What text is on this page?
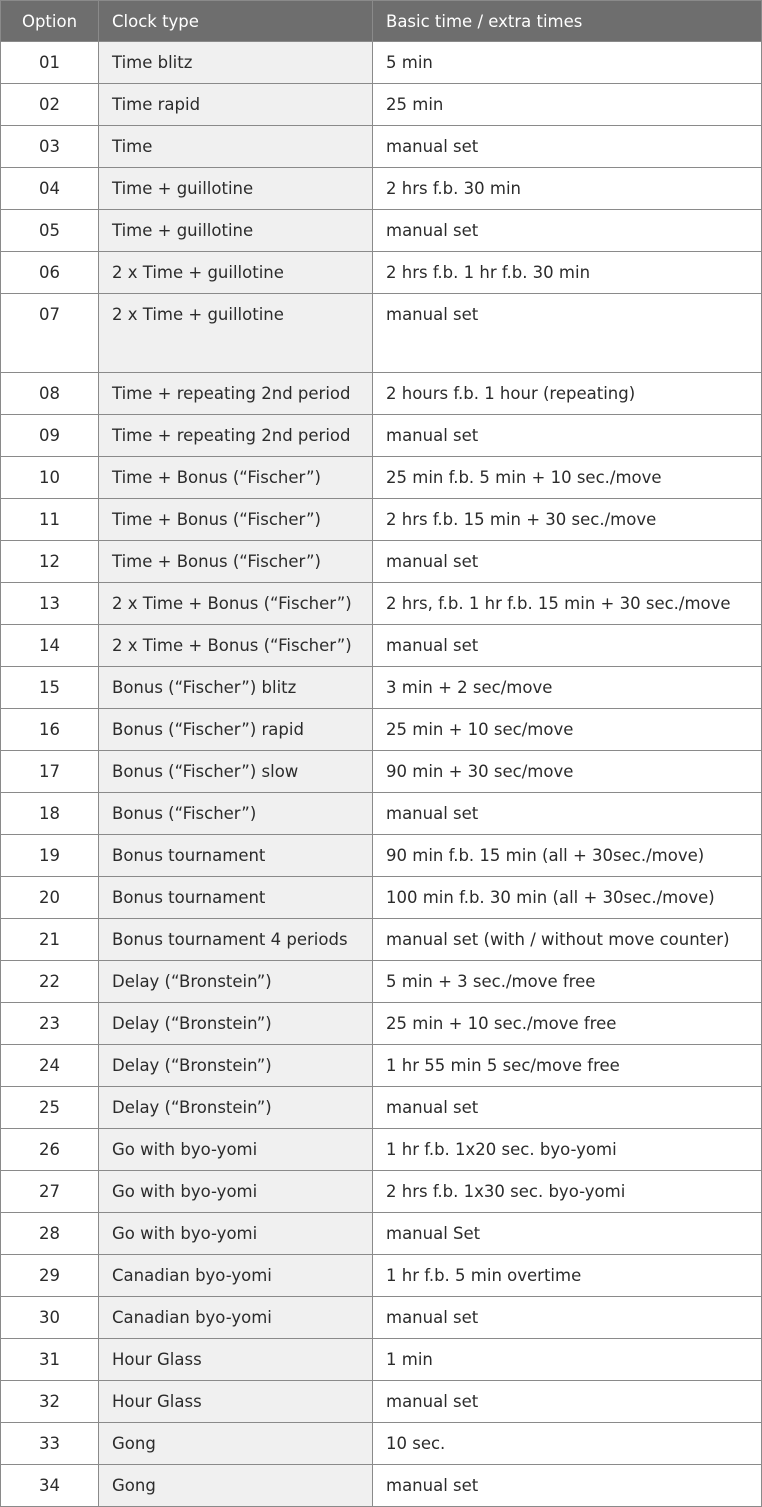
Option	Clock type	Basic time / extra times
01	Time blitz	5 min
02	Time rapid	25 min
03	Time	manual set
04	Time + guillotine	2 hrs f.b. 30 min
05	Time + guillotine	manual set
06	2 x Time + guillotine	2 hrs f.b. 1 hr f.b. 30 min
07	2 x Time + guillotine	manual set
08	Time + repeating 2nd period	2 hours f.b. 1 hour (repeating)
09	Time + repeating 2nd period	manual set
10	Time + Bonus (“Fischer”)	25 min f.b. 5 min + 10 sec./move
11	Time + Bonus (“Fischer”)	2 hrs f.b. 15 min + 30 sec./move
12	Time + Bonus (“Fischer”)	manual set
13	2 x Time + Bonus (“Fischer”)	2 hrs, f.b. 1 hr f.b. 15 min + 30 sec./move
14	2 x Time + Bonus (“Fischer”)	manual set
15	Bonus (“Fischer”) blitz	3 min + 2 sec/move
16	Bonus (“Fischer”) rapid	25 min + 10 sec/move
17	Bonus (“Fischer”) slow	90 min + 30 sec/move
18	Bonus (“Fischer”)	manual set
19	Bonus tournament	90 min f.b. 15 min (all + 30sec./move)
20	Bonus tournament	100 min f.b. 30 min (all + 30sec./move)
21	Bonus tournament 4 periods	manual set (with / without move counter)
22	Delay (“Bronstein”)	5 min + 3 sec./move free
23	Delay (“Bronstein”)	25 min + 10 sec./move free
24	Delay (“Bronstein”)	1 hr 55 min 5 sec/move free
25	Delay (“Bronstein”)	manual set
26	Go with byo-yomi	1 hr f.b. 1x20 sec. byo-yomi
27	Go with byo-yomi	2 hrs f.b. 1x30 sec. byo-yomi
28	Go with byo-yomi	manual Set
29	Canadian byo-yomi	1 hr f.b. 5 min overtime
30	Canadian byo-yomi	manual set
31	Hour Glass	1 min
32	Hour Glass	manual set
33	Gong	10 sec.
34	Gong	manual set
